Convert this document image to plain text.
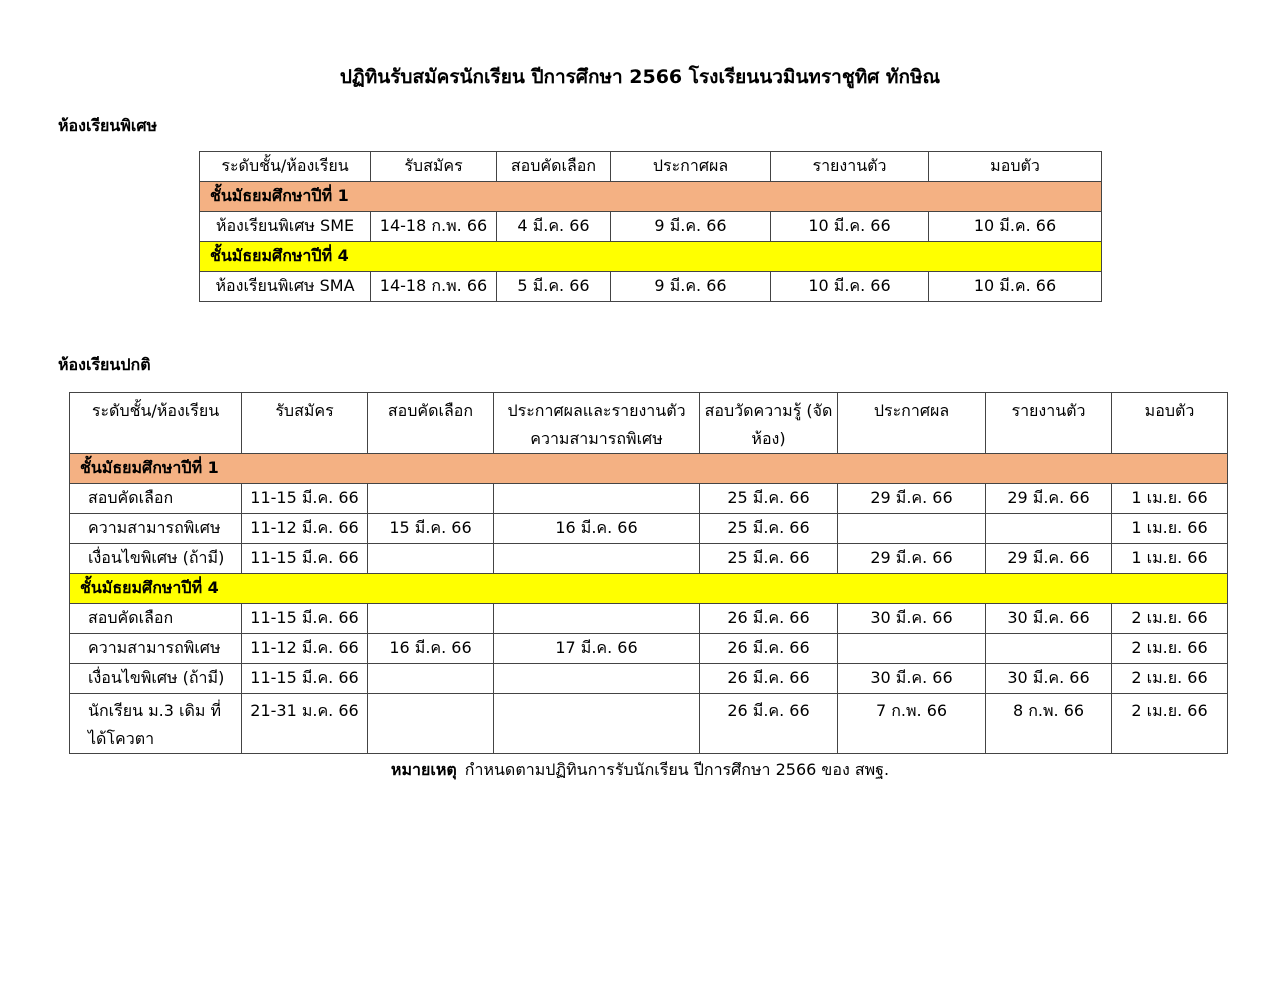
ปฏิทินรับสมัครนักเรียน ปีการศึกษา 2566 โรงเรียนนวมินทราชูทิศ ทักษิณ
ห้องเรียนพิเศษ
ระดับชั้น/ห้องเรียน	รับสมัคร	สอบคัดเลือก	ประกาศผล	รายงานตัว	มอบตัว
ชั้นมัธยมศึกษาปีที่ 1					
ห้องเรียนพิเศษ SME	14-18 ก.พ. 66	4 มี.ค. 66	9 มี.ค. 66	10 มี.ค. 66	10 มี.ค. 66
ชั้นมัธยมศึกษาปีที่ 4					
ห้องเรียนพิเศษ SMA	14-18 ก.พ. 66	5 มี.ค. 66	9 มี.ค. 66	10 มี.ค. 66	10 มี.ค. 66
ห้องเรียนปกติ
ระดับชั้น/ห้องเรียน	รับสมัคร	สอบคัดเลือก	ประกาศผลและรายงานตัว ความสามารถพิเศษ	สอบวัดความรู้ (จัดห้อง)	ประกาศผล	รายงานตัว	มอบตัว
ชั้นมัธยมศึกษาปีที่ 1							
สอบคัดเลือก	11-15 มี.ค. 66			25 มี.ค. 66	29 มี.ค. 66	29 มี.ค. 66	1 เม.ย. 66
ความสามารถพิเศษ	11-12 มี.ค. 66	15 มี.ค. 66	16 มี.ค. 66	25 มี.ค. 66			1 เม.ย. 66
เงื่อนไขพิเศษ (ถ้ามี)	11-15 มี.ค. 66			25 มี.ค. 66	29 มี.ค. 66	29 มี.ค. 66	1 เม.ย. 66
ชั้นมัธยมศึกษาปีที่ 4							
สอบคัดเลือก	11-15 มี.ค. 66			26 มี.ค. 66	30 มี.ค. 66	30 มี.ค. 66	2 เม.ย. 66
ความสามารถพิเศษ	11-12 มี.ค. 66	16 มี.ค. 66	17 มี.ค. 66	26 มี.ค. 66			2 เม.ย. 66
เงื่อนไขพิเศษ (ถ้ามี)	11-15 มี.ค. 66			26 มี.ค. 66	30 มี.ค. 66	30 มี.ค. 66	2 เม.ย. 66
นักเรียน ม.3 เดิม ที่ได้โควตา	21-31 ม.ค. 66			26 มี.ค. 66	7 ก.พ. 66	8 ก.พ. 66	2 เม.ย. 66
หมายเหตุ กำหนดตามปฏิทินการรับนักเรียน ปีการศึกษา 2566 ของ สพฐ.
